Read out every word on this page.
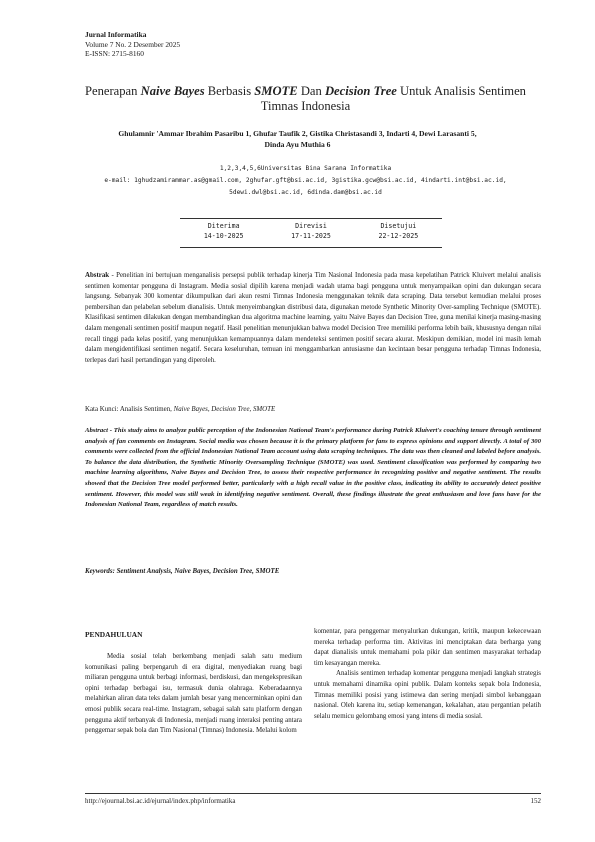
Jurnal Informatika
Volume 7 No. 2 Desember 2025
E-ISSN: 2715-8160
Penerapan Naive Bayes Berbasis SMOTE Dan Decision Tree Untuk Analisis Sentimen Timnas Indonesia
Ghulamnir 'Ammar Ibrahim Pasaribu 1, Ghufar Taufik 2, Gistika Christasandi 3, Indarti 4, Dewi Larasanti 5, Dinda Ayu Muthia 6
1,2,3,4,5,6Universitas Bina Sarana Informatika
e-mail: 1ghudzamirammar.as@gmail.com, 2ghufar.gft@bsi.ac.id, 3gistika.gcw@bsi.ac.id, 4indarti.int@bsi.ac.id,
5dewi.dwl@bsi.ac.id, 6dinda.dam@bsi.ac.id
Diterima
14-10-2025
Direvisi
17-11-2025
Disetujui
22-12-2025
Abstrak - Penelitian ini bertujuan menganalisis persepsi publik terhadap kinerja Tim Nasional Indonesia pada masa kepelatihan Patrick Kluivert melalui analisis sentimen komentar pengguna di Instagram. Media sosial dipilih karena menjadi wadah utama bagi pengguna untuk menyampaikan opini dan dukungan secara langsung. Sebanyak 300 komentar dikumpulkan dari akun resmi Timnas Indonesia menggunakan teknik data scraping. Data tersebut kemudian melalui proses pembersihan dan pelabelan sebelum dianalisis. Untuk menyeimbangkan distribusi data, digunakan metode Synthetic Minority Over-sampling Technique (SMOTE). Klasifikasi sentimen dilakukan dengan membandingkan dua algoritma machine learning, yaitu Naive Bayes dan Decision Tree, guna menilai kinerja masing-masing dalam mengenali sentimen positif maupun negatif. Hasil penelitian menunjukkan bahwa model Decision Tree memiliki performa lebih baik, khususnya dengan nilai recall tinggi pada kelas positif, yang menunjukkan kemampuannya dalam mendeteksi sentimen positif secara akurat. Meskipun demikian, model ini masih lemah dalam mengidentifikasi sentimen negatif. Secara keseluruhan, temuan ini menggambarkan antusiasme dan kecintaan besar pengguna terhadap Timnas Indonesia, terlepas dari hasil pertandingan yang diperoleh.
Kata Kunci: Analisis Sentimen, Naive Bayes, Decision Tree, SMOTE
Abstract - This study aims to analyze public perception of the Indonesian National Team's performance during Patrick Kluivert's coaching tenure through sentiment analysis of fan comments on Instagram. Social media was chosen because it is the primary platform for fans to express opinions and support directly. A total of 300 comments were collected from the official Indonesian National Team account using data scraping techniques. The data was then cleaned and labeled before analysis. To balance the data distribution, the Synthetic Minority Oversampling Technique (SMOTE) was used. Sentiment classification was performed by comparing two machine learning algorithms, Naive Bayes and Decision Tree, to assess their respective performance in recognizing positive and negative sentiment. The results showed that the Decision Tree model performed better, particularly with a high recall value in the positive class, indicating its ability to accurately detect positive sentiment. However, this model was still weak in identifying negative sentiment. Overall, these findings illustrate the great enthusiasm and love fans have for the Indonesian National Team, regardless of match results.
Keywords: Sentiment Analysis, Naive Bayes, Decision Tree, SMOTE
PENDAHULUAN

Media sosial telah berkembang menjadi salah satu medium komunikasi paling berpengaruh di era digital, menyediakan ruang bagi miliaran pengguna untuk berbagi informasi, berdiskusi, dan mengekspresikan opini terhadap berbagai isu, termasuk dunia olahraga. Keberadaannya melahirkan aliran data teks dalam jumlah besar yang mencerminkan opini dan emosi publik secara real-time. Instagram, sebagai salah satu platform dengan pengguna aktif terbanyak di Indonesia, menjadi ruang interaksi penting antara penggemar sepak bola dan Tim Nasional (Timnas) Indonesia. Melalui kolom

komentar, para penggemar menyalurkan dukungan, kritik, maupun kekecewaan mereka terhadap performa tim. Aktivitas ini menciptakan data berharga yang dapat dianalisis untuk memahami pola pikir dan sentimen masyarakat terhadap tim kesayangan mereka.

Analisis sentimen terhadap komentar pengguna menjadi langkah strategis untuk memahami dinamika opini publik. Dalam konteks sepak bola Indonesia, Timnas memiliki posisi yang istimewa dan sering menjadi simbol kebanggaan nasional. Oleh karena itu, setiap kemenangan, kekalahan, atau pergantian pelatih selalu memicu gelombang emosi yang intens di media sosial.

http://ejournal.bsi.ac.id/ejurnal/index.php/informatika	152
